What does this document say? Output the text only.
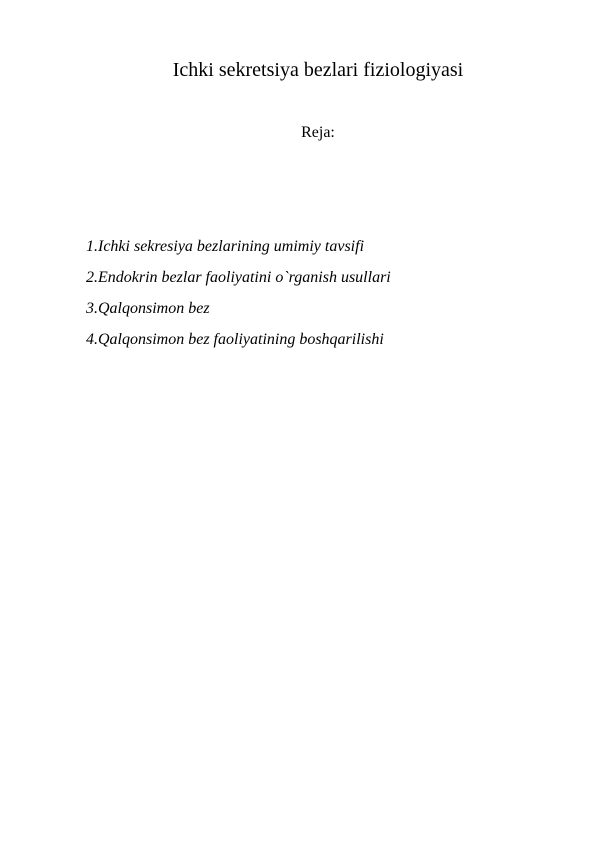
Ichki sekretsiya bezlari fiziologiyasi
Reja:
1.Ichki sekresiya bezlarining umimiy tavsifi
2.Endokrin bezlar faoliyatini o`rganish usullari
3.Qalqonsimon bez
4.Qalqonsimon bez faoliyatining boshqarilishi
